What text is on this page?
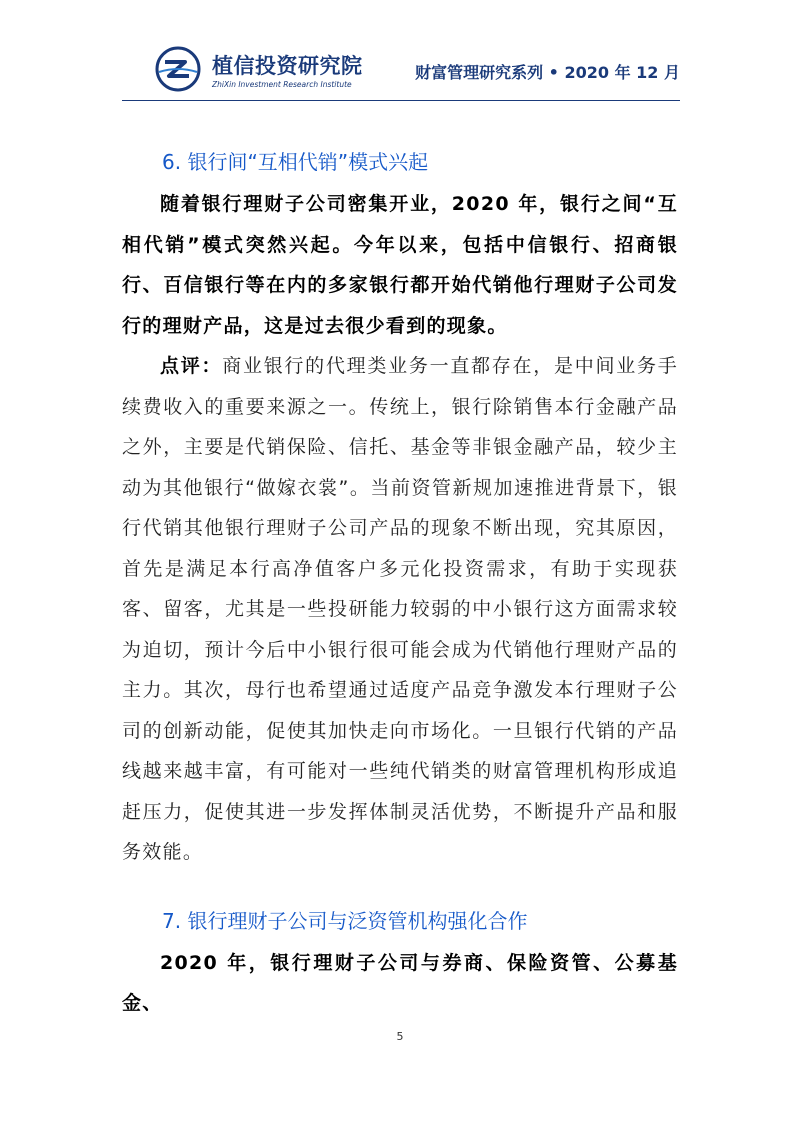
植信投资研究院
ZhiXin Investment Research Institute
财富管理研究系列 • 2020 年 12 月
6. 银行间“互相代销”模式兴起

随着银行理财子公司密集开业，2020 年，银行之间“互相代销”模式突然兴起。今年以来，包括中信银行、招商银行、百信银行等在内的多家银行都开始代销他行理财子公司发行的理财产品，这是过去很少看到的现象。

点评：商业银行的代理类业务一直都存在，是中间业务手续费收入的重要来源之一。传统上，银行除销售本行金融产品之外，主要是代销保险、信托、基金等非银金融产品，较少主动为其他银行“做嫁衣裳”。当前资管新规加速推进背景下，银行代销其他银行理财子公司产品的现象不断出现，究其原因，首先是满足本行高净值客户多元化投资需求，有助于实现获客、留客，尤其是一些投研能力较弱的中小银行这方面需求较为迫切，预计今后中小银行很可能会成为代销他行理财产品的主力。其次，母行也希望通过适度产品竞争激发本行理财子公司的创新动能，促使其加快走向市场化。一旦银行代销的产品线越来越丰富，有可能对一些纯代销类的财富管理机构形成追赶压力，促使其进一步发挥体制灵活优势，不断提升产品和服务效能。

7. 银行理财子公司与泛资管机构强化合作

2020 年，银行理财子公司与券商、保险资管、公募基金、

5
